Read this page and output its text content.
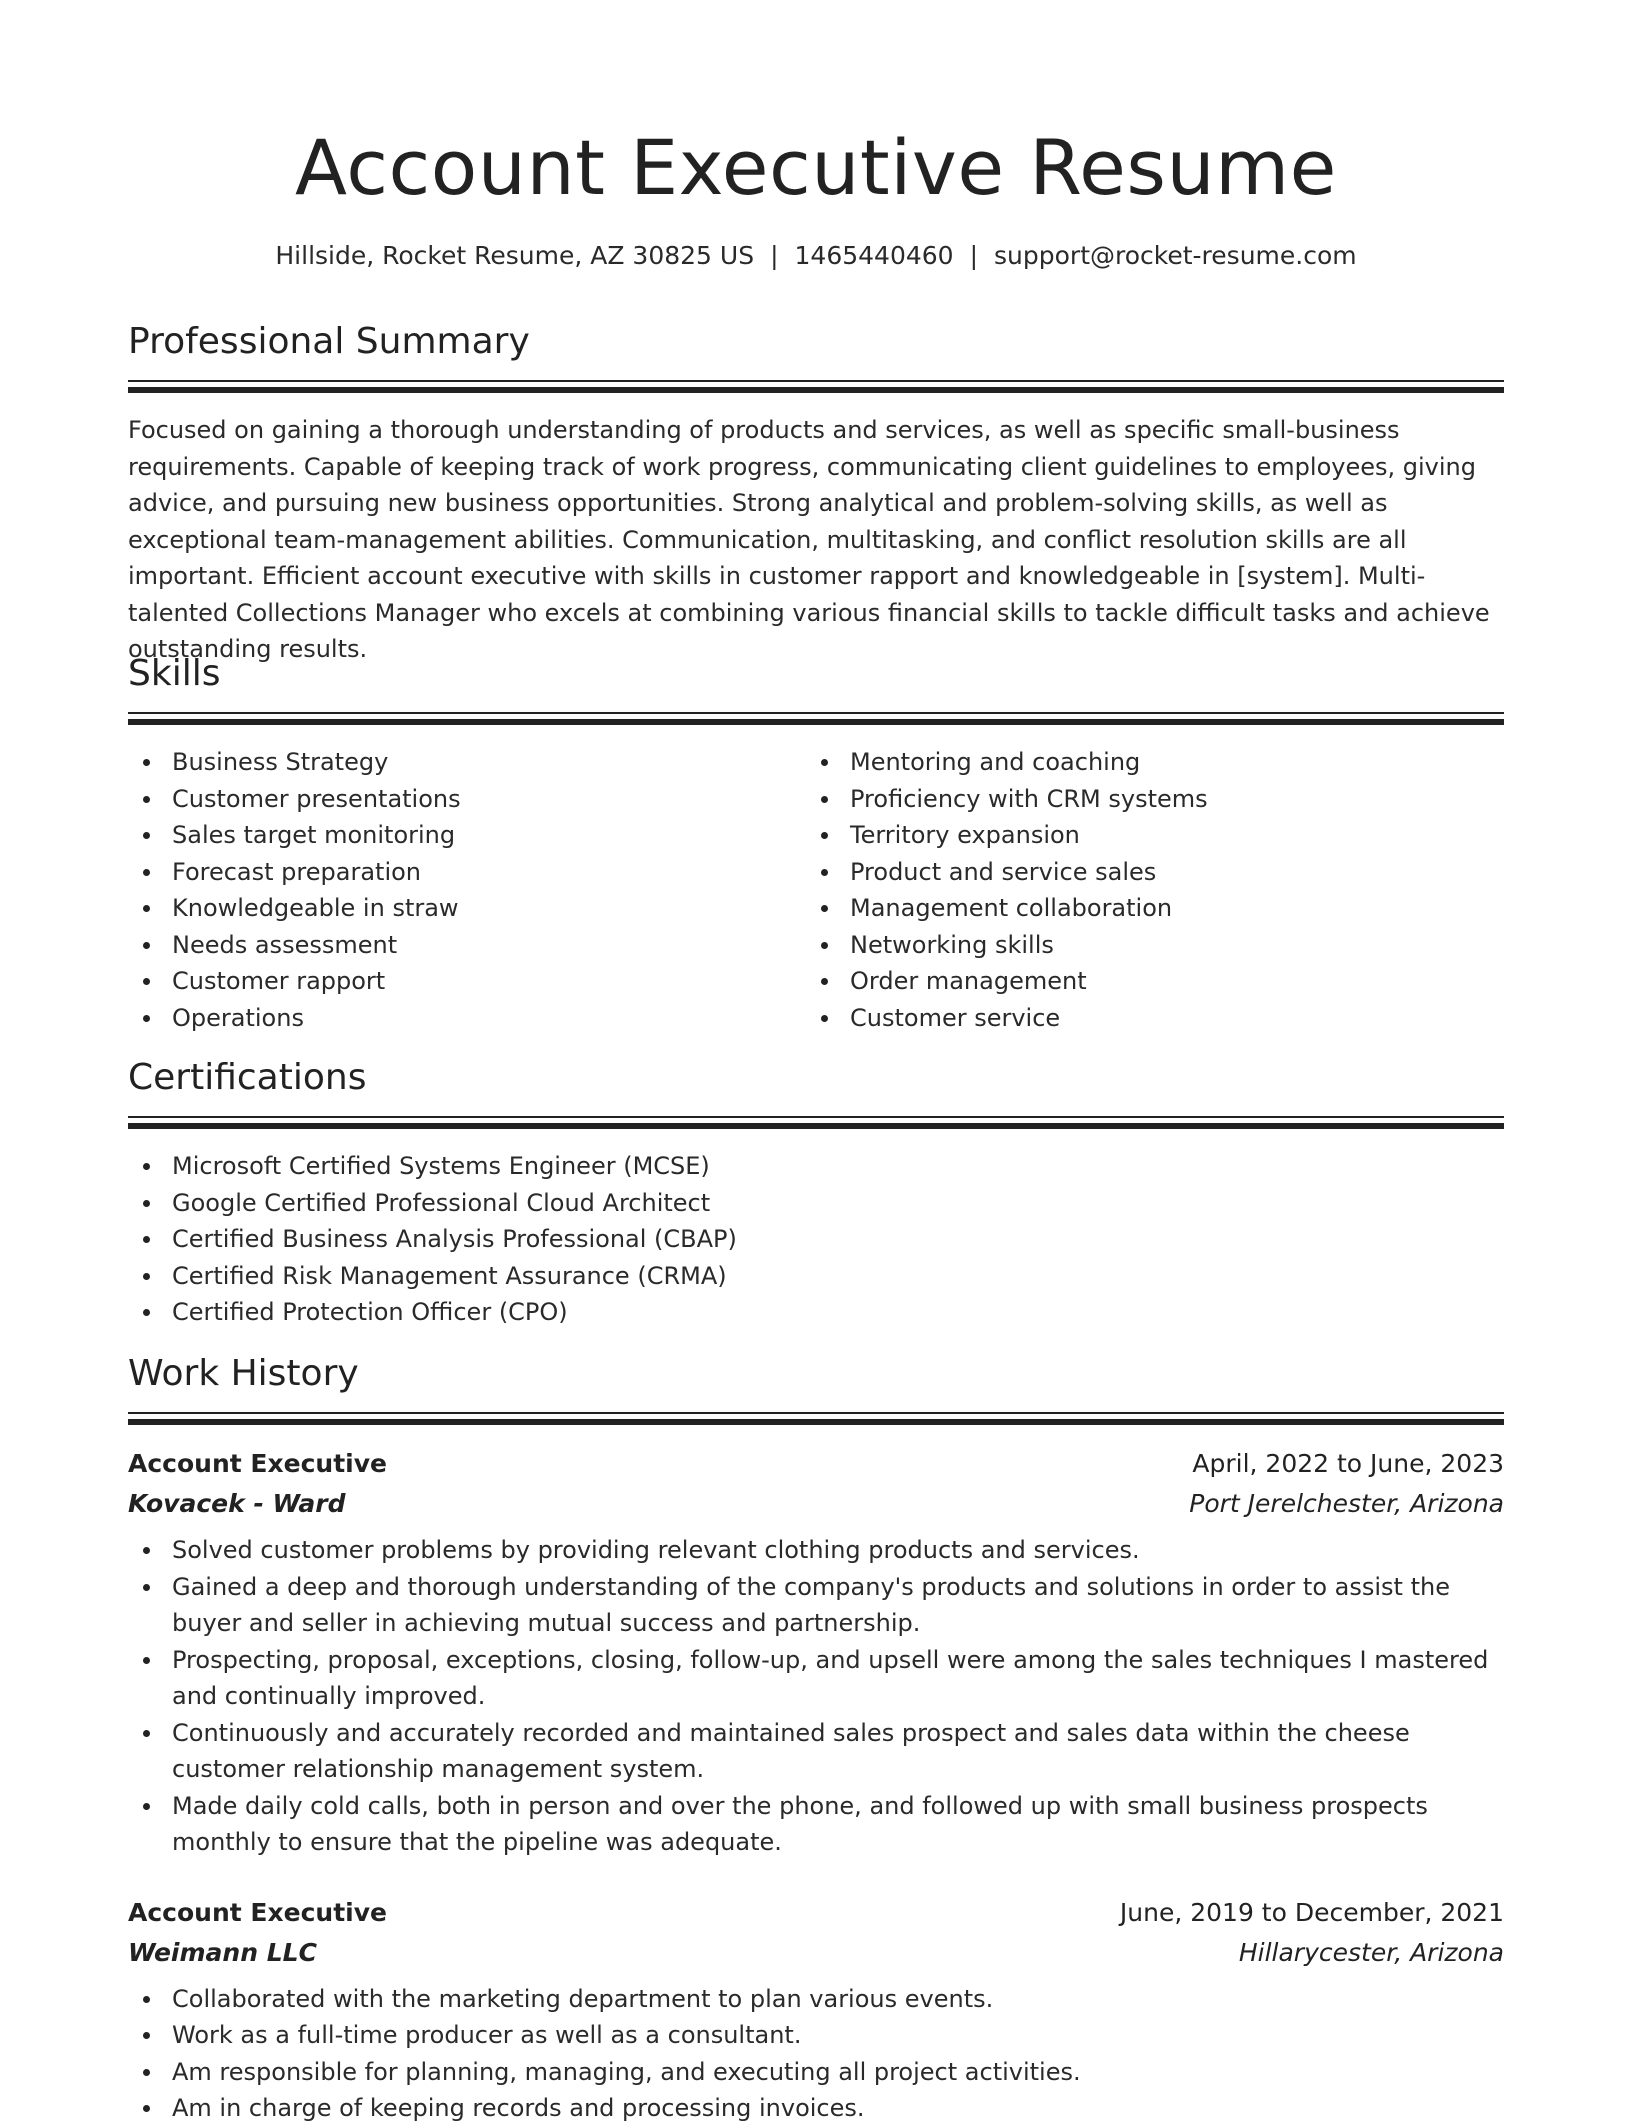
Account Executive Resume
Hillside, Rocket Resume, AZ 30825 US | 1465440460 | support@rocket-resume.com
Professional Summary

Focused on gaining a thorough understanding of products and services, as well as specific small-business requirements. Capable of keeping track of work progress, communicating client guidelines to employees, giving advice, and pursuing new business opportunities. Strong analytical and problem-solving skills, as well as exceptional team-management abilities. Communication, multitasking, and conflict resolution skills are all important. Efficient account executive with skills in customer rapport and knowledgeable in [system]. Multi-talented Collections Manager who excels at combining various financial skills to tackle difficult tasks and achieve outstanding results.

Skills
Business Strategy
Customer presentations
Sales target monitoring
Forecast preparation
Knowledgeable in straw
Needs assessment
Customer rapport
Operations
Mentoring and coaching
Proficiency with CRM systems
Territory expansion
Product and service sales
Management collaboration
Networking skills
Order management
Customer service
Certifications
Microsoft Certified Systems Engineer (MCSE)
Google Certified Professional Cloud Architect
Certified Business Analysis Professional (CBAP)
Certified Risk Management Assurance (CRMA)
Certified Protection Officer (CPO)
Work History
Account Executive	April, 2022 to June, 2023
Kovacek - Ward	Port Jerelchester, Arizona
Solved customer problems by providing relevant clothing products and services.
Gained a deep and thorough understanding of the company's products and solutions in order to assist the buyer and seller in achieving mutual success and partnership.
Prospecting, proposal, exceptions, closing, follow-up, and upsell were among the sales techniques I mastered and continually improved.
Continuously and accurately recorded and maintained sales prospect and sales data within the cheese customer relationship management system.
Made daily cold calls, both in person and over the phone, and followed up with small business prospects monthly to ensure that the pipeline was adequate.
Account Executive	June, 2019 to December, 2021
Weimann LLC	Hillarycester, Arizona
Collaborated with the marketing department to plan various events.
Work as a full-time producer as well as a consultant.
Am responsible for planning, managing, and executing all project activities.
Am in charge of keeping records and processing invoices.
